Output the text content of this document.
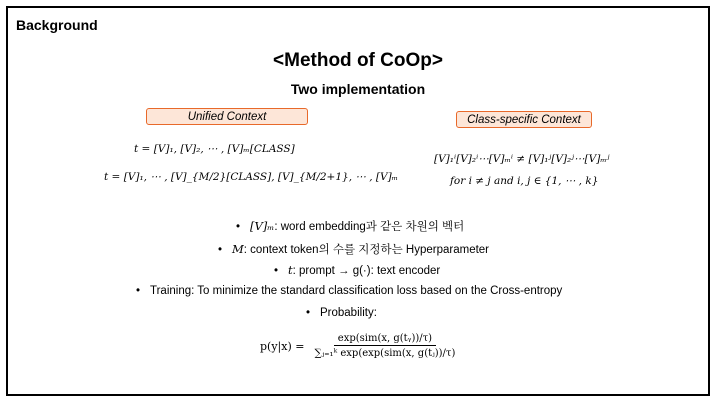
Background
<Method of CoOp>
Two implementation
Unified Context	Class-specific Context
t = [V]₁, [V]₂, ⋯ , [V]ₘ[CLASS]
t = [V]₁, ⋯ , [V]_{M/2}[CLASS], [V]_{M/2+1}, ⋯ , [V]ₘ
[V]₁ⁱ[V]₂ⁱ⋯[V]ₘⁱ ≠ [V]₁ʲ[V]₂ʲ⋯[V]ₘʲ
for i ≠ j and i, j ∈ {1, ⋯ , k}
• [V]ₘ: word embedding과 같은 차원의 벡터
• M: context token의 수를 지정하는 Hyperparameter
• t: prompt → g(·): text encoder
• Training: To minimize the standard classification loss based on the Cross-entropy
• Probability:
$p(y|x) = \frac{\text{exp(sim(x, g(tᵧ))/τ)}}{\text{∑ⱼ₌₁ᵏ exp(exp(sim(x, g(tⱼ))/τ)}}$
